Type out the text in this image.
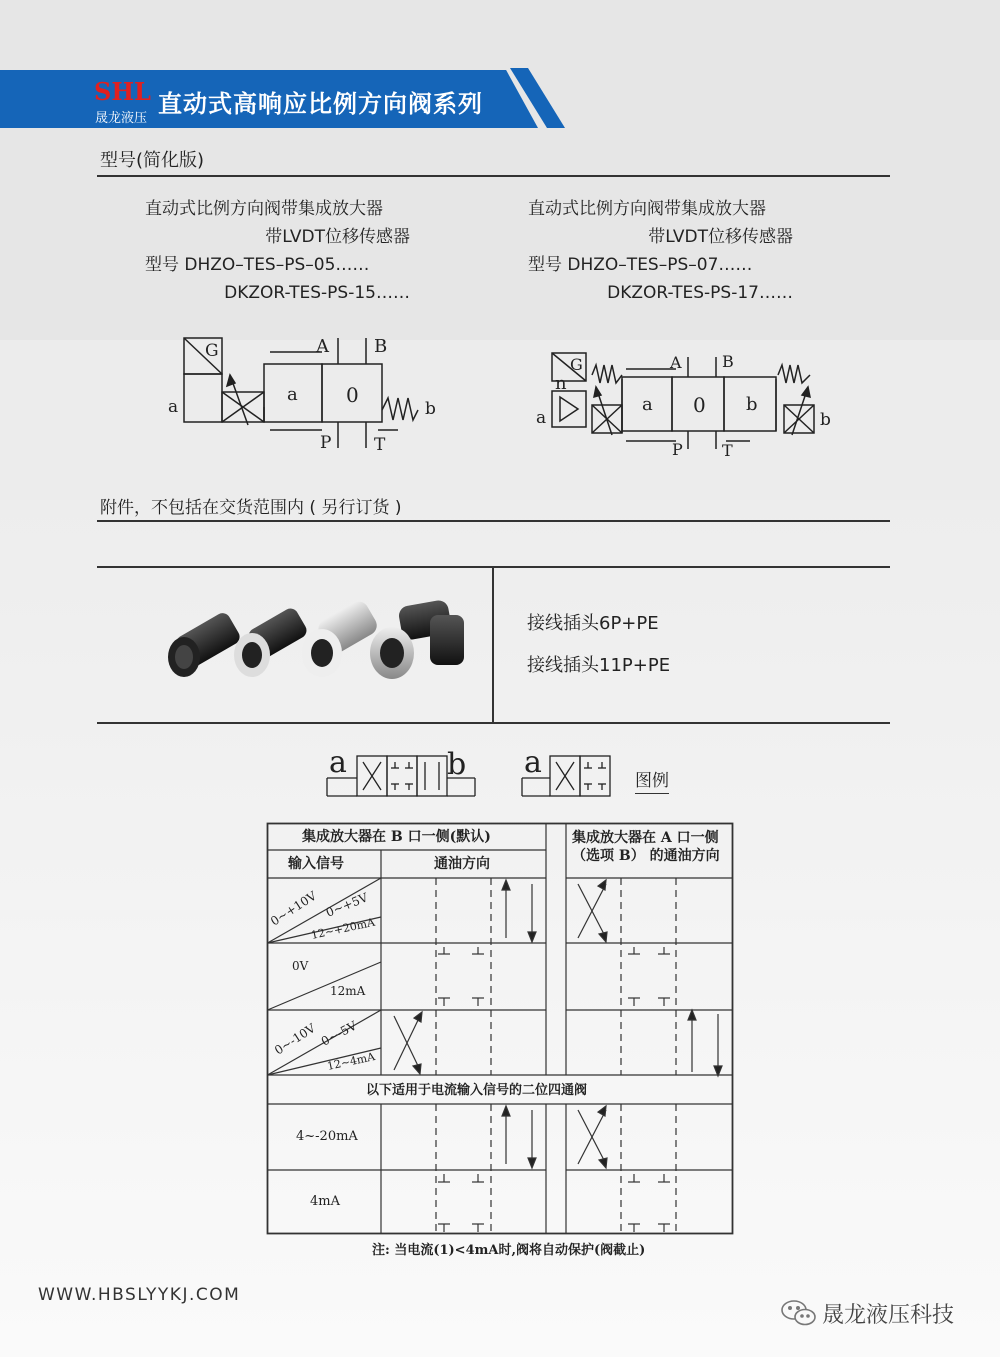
SHL
晟龙液压
直动式高响应比例方向阀系列
型号(简化版)
直动式比例方向阀带集成放大器
带LVDT位移传感器
型号 DHZO–TES–PS–05……
DKZOR-TES-PS-15……
直动式比例方向阀带集成放大器
带LVDT位移传感器
型号 DHZO–TES–PS–07……
DKZOR-TES-PS-17……
G
a
a 0
A	B
P	T
b
G
n
a
a 0 b
A	B
P T
b
附件，不包括在交货范围内 ( 另行订货 )
接线插头6P+PE
接线插头11P+PE
a	b a
图例
集成放大器在 B 口一侧(默认)
输入信号	通油方向
集成放大器在 A 口一侧
（选项 B） 的通油方向
0~+10V 0~+5V
12~+20mA
0V
12mA
0~-10V 0~-5V
12~4mA
以下适用于电流输入信号的二位四通阀
4~-20mA
4mA
注: 当电流(1)<4mA时,阀将自动保护(阀截止)
WWW.HBSLYYKJ.COM
晟龙液压科技
